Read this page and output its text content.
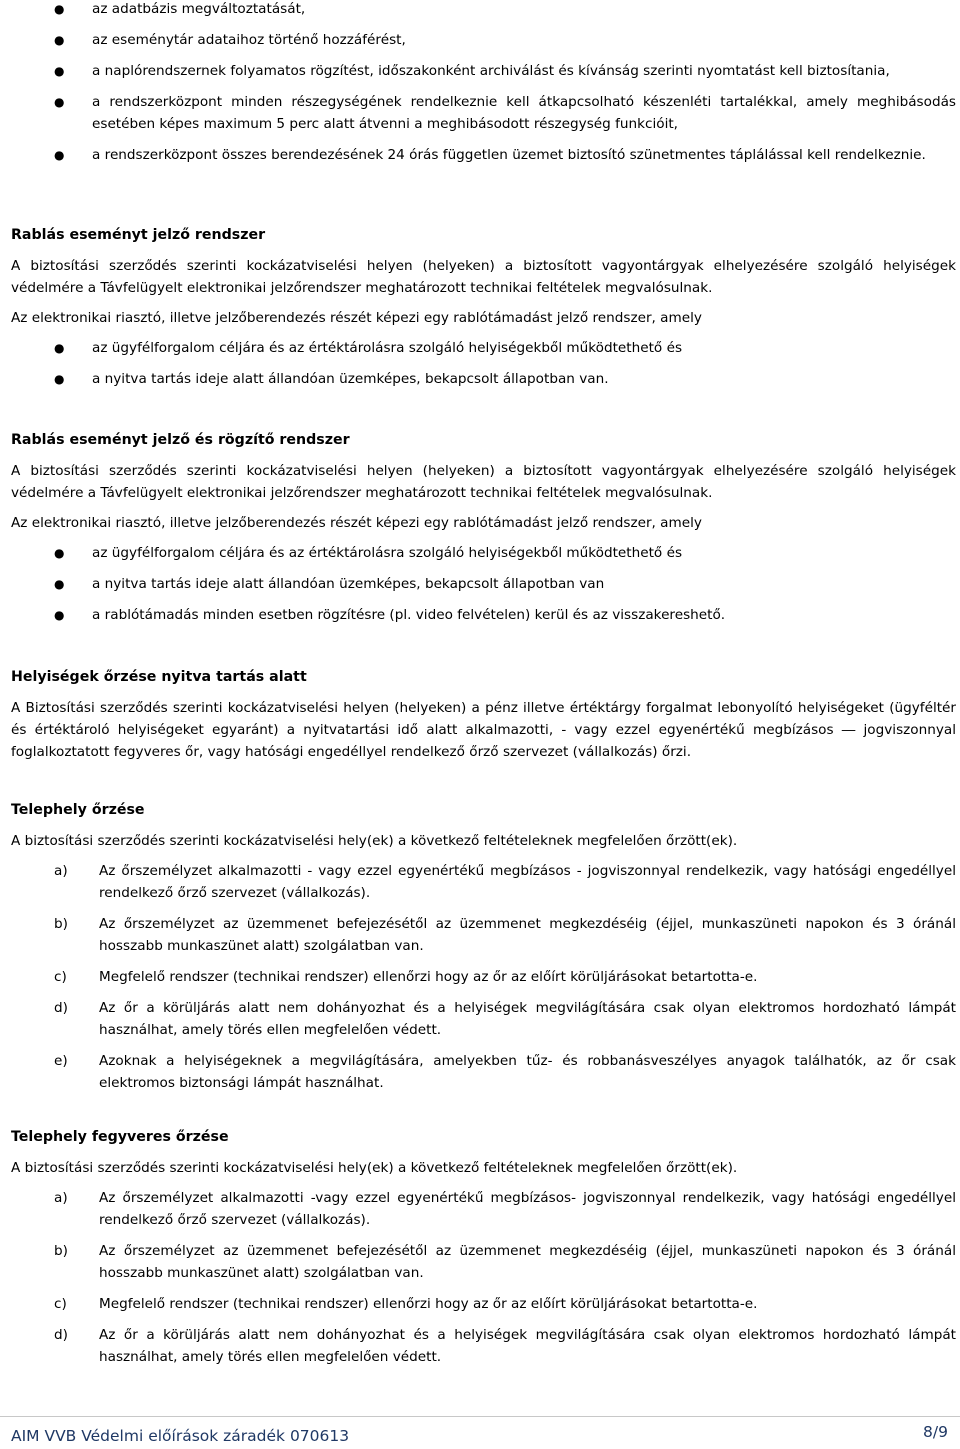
● az adatbázis megváltoztatását,
● az eseménytár adataihoz történő hozzáférést,
● a naplórendszernek folyamatos rögzítést, időszakonként archiválást és kívánság szerinti nyomtatást kell biztosítania,
● a rendszerközpont minden részegységének rendelkeznie kell átkapcsolható készenléti tartalékkal, amely meghibásodás esetében képes maximum 5 perc alatt átvenni a meghibásodott részegység funkcióit,
● a rendszerközpont összes berendezésének 24 órás független üzemet biztosító szünetmentes táplálással kell rendelkeznie.
Rablás eseményt jelző rendszer

A biztosítási szerződés szerinti kockázatviselési helyen (helyeken) a biztosított vagyontárgyak elhelyezésére szolgáló helyiségek védelmére a Távfelügyelt elektronikai jelzőrendszer meghatározott technikai feltételek megvalósulnak.

Az elektronikai riasztó, illetve jelzőberendezés részét képezi egy rablótámadást jelző rendszer, amely

● az ügyfélforgalom céljára és az értéktárolásra szolgáló helyiségekből működtethető és
● a nyitva tartás ideje alatt állandóan üzemképes, bekapcsolt állapotban van.
Rablás eseményt jelző és rögzítő rendszer

A biztosítási szerződés szerinti kockázatviselési helyen (helyeken) a biztosított vagyontárgyak elhelyezésére szolgáló helyiségek védelmére a Távfelügyelt elektronikai jelzőrendszer meghatározott technikai feltételek megvalósulnak.

Az elektronikai riasztó, illetve jelzőberendezés részét képezi egy rablótámadást jelző rendszer, amely

● az ügyfélforgalom céljára és az értéktárolásra szolgáló helyiségekből működtethető és
● a nyitva tartás ideje alatt állandóan üzemképes, bekapcsolt állapotban van
● a rablótámadás minden esetben rögzítésre (pl. video felvételen) kerül és az visszakereshető.
Helyiségek őrzése nyitva tartás alatt

A Biztosítási szerződés szerinti kockázatviselési helyen (helyeken) a pénz illetve értéktárgy forgalmat lebonyolító helyiségeket (ügyféltér és értéktároló helyiségeket egyaránt) a nyitvatartási idő alatt alkalmazotti, - vagy ezzel egyenértékű megbízásos ― jogviszonnyal foglalkoztatott fegyveres őr, vagy hatósági engedéllyel rendelkező őrző szervezet (vállalkozás) őrzi.

Telephely őrzése

A biztosítási szerződés szerinti kockázatviselési hely(ek) a következő feltételeknek megfelelően őrzött(ek).

a) Az őrszemélyzet alkalmazotti - vagy ezzel egyenértékű megbízásos - jogviszonnyal rendelkezik, vagy hatósági engedéllyel rendelkező őrző szervezet (vállalkozás).
b) Az őrszemélyzet az üzemmenet befejezésétől az üzemmenet megkezdéséig (éjjel, munkaszüneti napokon és 3 óránál hosszabb munkaszünet alatt) szolgálatban van.
c) Megfelelő rendszer (technikai rendszer) ellenőrzi hogy az őr az előírt körüljárásokat betartotta-e.
d) Az őr a körüljárás alatt nem dohányozhat és a helyiségek megvilágítására csak olyan elektromos hordozható lámpát használhat, amely törés ellen megfelelően védett.
e) Azoknak a helyiségeknek a megvilágítására, amelyekben tűz- és robbanásveszélyes anyagok találhatók, az őr csak elektromos biztonsági lámpát használhat.
Telephely fegyveres őrzése

A biztosítási szerződés szerinti kockázatviselési hely(ek) a következő feltételeknek megfelelően őrzött(ek).

a) Az őrszemélyzet alkalmazotti -vagy ezzel egyenértékű megbízásos- jogviszonnyal rendelkezik, vagy hatósági engedéllyel rendelkező őrző szervezet (vállalkozás).
b) Az őrszemélyzet az üzemmenet befejezésétől az üzemmenet megkezdéséig (éjjel, munkaszüneti napokon és 3 óránál hosszabb munkaszünet alatt) szolgálatban van.
c) Megfelelő rendszer (technikai rendszer) ellenőrzi hogy az őr az előírt körüljárásokat betartotta-e.
d) Az őr a körüljárás alatt nem dohányozhat és a helyiségek megvilágítására csak olyan elektromos hordozható lámpát használhat, amely törés ellen megfelelően védett.
AIM VVB Védelmi előírások záradék 070613	8/9
